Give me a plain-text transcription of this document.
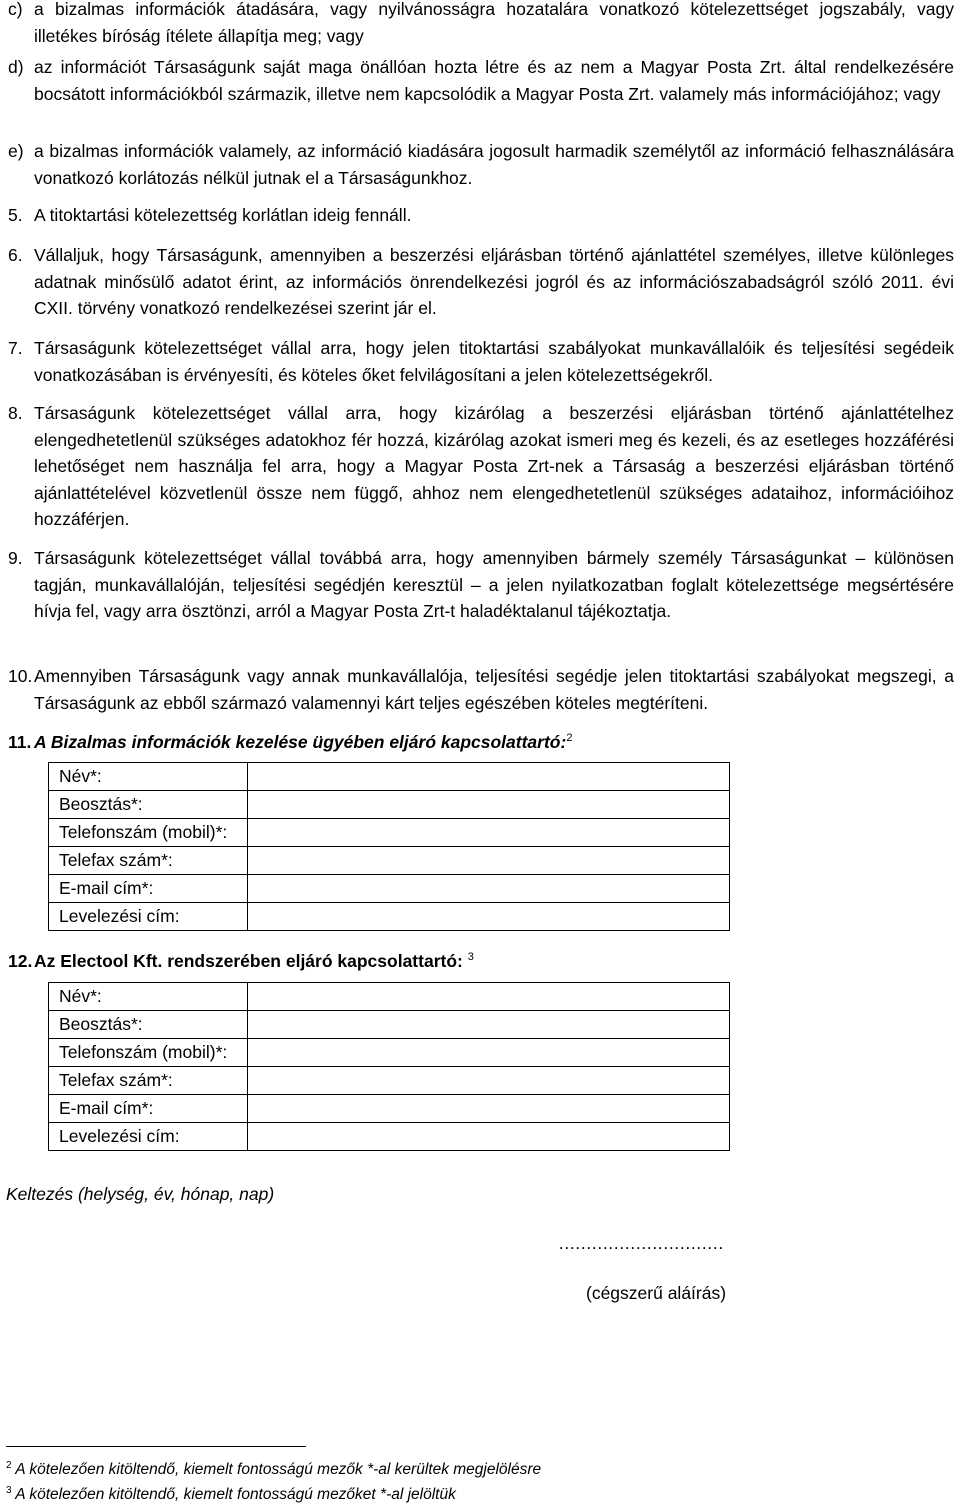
c) a bizalmas információk átadására, vagy nyilvánosságra hozatalára vonatkozó kötelezettséget jogszabály, vagy illetékes bíróság ítélete állapítja meg; vagy
d) az információt Társaságunk saját maga önállóan hozta létre és az nem a Magyar Posta Zrt. által rendelkezésére bocsátott információkból származik, illetve nem kapcsolódik a Magyar Posta Zrt. valamely más információjához; vagy
e) a bizalmas információk valamely, az információ kiadására jogosult harmadik személytől az információ felhasználására vonatkozó korlátozás nélkül jutnak el a Társaságunkhoz.
5. A titoktartási kötelezettség korlátlan ideig fennáll.
6. Vállaljuk, hogy Társaságunk, amennyiben a beszerzési eljárásban történő ajánlattétel személyes, illetve különleges adatnak minősülő adatot érint, az információs önrendelkezési jogról és az információszabadságról szóló 2011. évi CXII. törvény vonatkozó rendelkezései szerint jár el.
7. Társaságunk kötelezettséget vállal arra, hogy jelen titoktartási szabályokat munkavállalóik és teljesítési segédeik vonatkozásában is érvényesíti, és köteles őket felvilágosítani a jelen kötelezettségekről.
8. Társaságunk kötelezettséget vállal arra, hogy kizárólag a beszerzési eljárásban történő ajánlattételhez elengedhetetlenül szükséges adatokhoz fér hozzá, kizárólag azokat ismeri meg és kezeli, és az esetleges hozzáférési lehetőséget nem használja fel arra, hogy a Magyar Posta Zrt-nek a Társaság a beszerzési eljárásban történő ajánlattételével közvetlenül össze nem függő, ahhoz nem elengedhetetlenül szükséges adataihoz, információihoz hozzáférjen.
9. Társaságunk kötelezettséget vállal továbbá arra, hogy amennyiben bármely személy Társaságunkat – különösen tagján, munkavállalóján, teljesítési segédjén keresztül – a jelen nyilatkozatban foglalt kötelezettsége megsértésére hívja fel, vagy arra ösztönzi, arról a Magyar Posta Zrt-t haladéktalanul tájékoztatja.
10. Amennyiben Társaságunk vagy annak munkavállalója, teljesítési segédje jelen titoktartási szabályokat megszegi, a Társaságunk az ebből származó valamennyi kárt teljes egészében köteles megtéríteni.
11. A Bizalmas információk kezelése ügyében eljáró kapcsolattartó:$^2$
Név*:	
Beosztás*:	
Telefonszám (mobil)*:	
Telefax szám*:	
E-mail cím*:	
Levelezési cím:	
12. Az Electool Kft. rendszerében eljáró kapcsolattartó: $^3$
Név*:	
Beosztás*:	
Telefonszám (mobil)*:	
Telefax szám*:	
E-mail cím*:	
Levelezési cím:	
Keltezés (helység, év, hónap, nap)
…………………………
(cégszerű aláírás)
$^2$ A kötelezően kitöltendő, kiemelt fontosságú mezők *-al kerültek megjelölésre
$^3$ A kötelezően kitöltendő, kiemelt fontosságú mezőket *-al jelöltük
